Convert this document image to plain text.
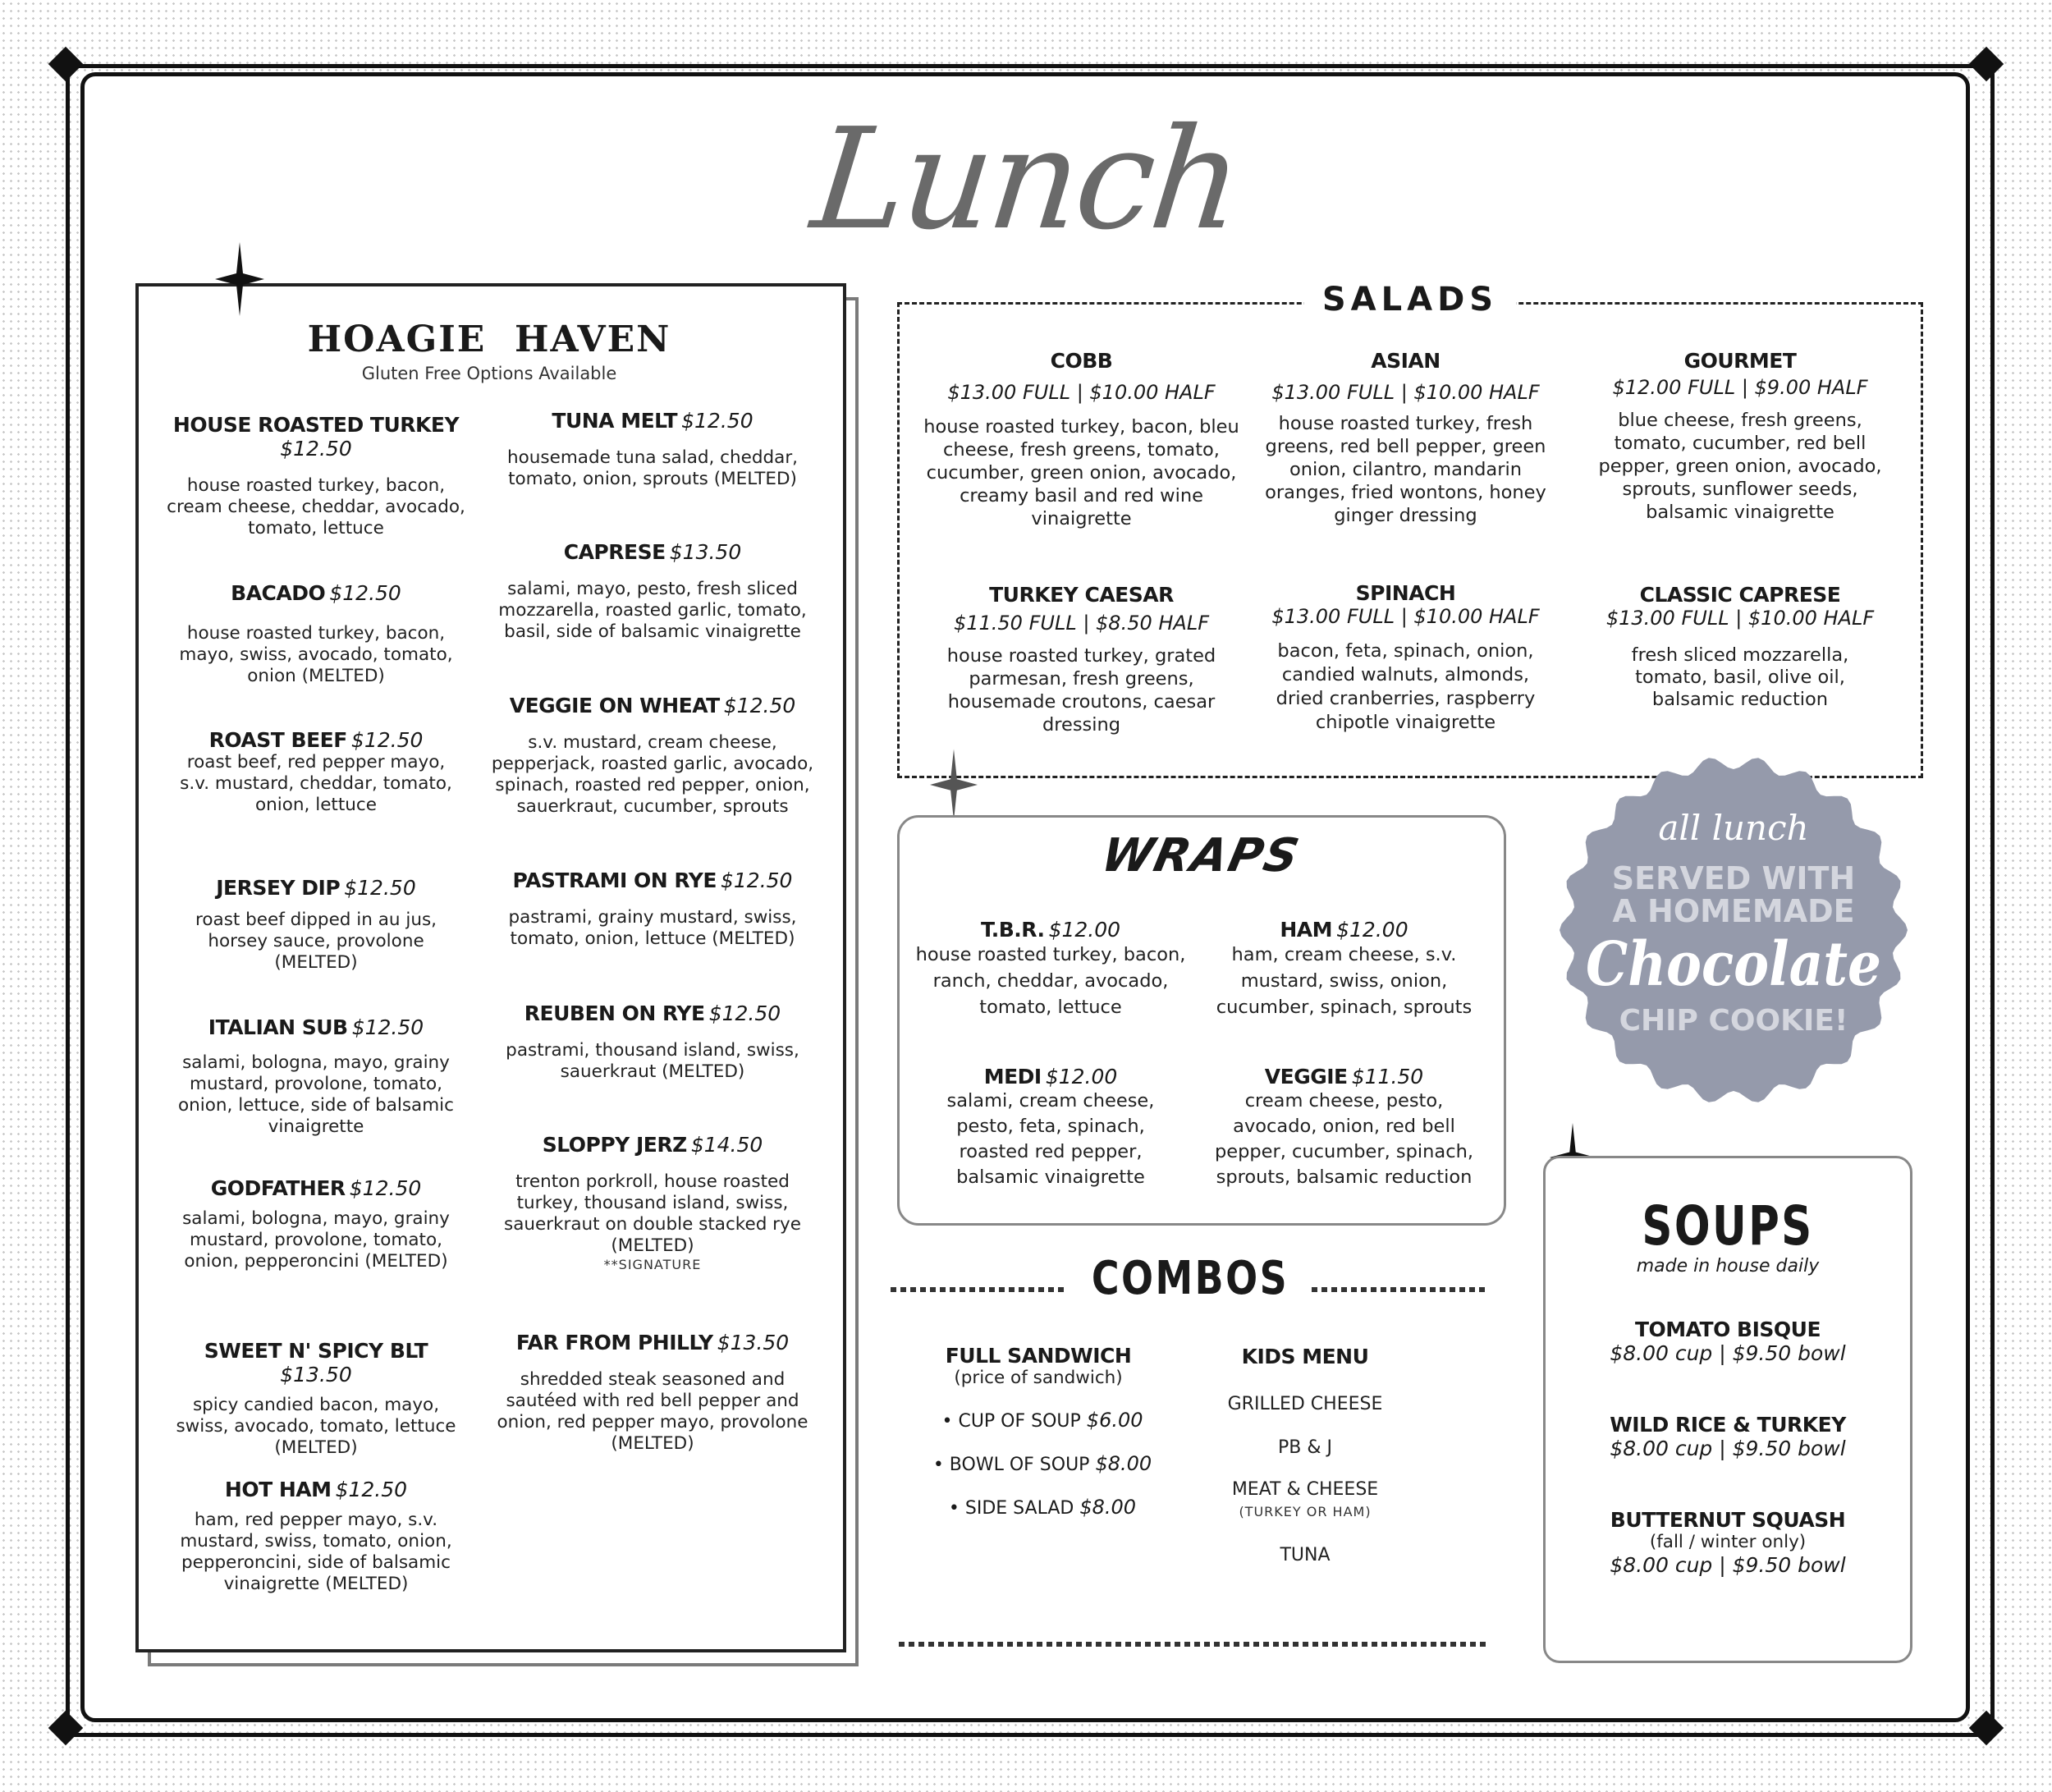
Lunch
HOAGIE  HAVEN
Gluten Free Options Available
HOUSE ROASTED TURKEY
$12.50
house roasted turkey, bacon, cream cheese, cheddar, avocado, tomato, lettuce
BACADO $12.50
house roasted turkey, bacon, mayo, swiss, avocado, tomato, onion (MELTED)
ROAST BEEF $12.50
roast beef, red pepper mayo, s.v. mustard, cheddar, tomato, onion, lettuce
JERSEY DIP $12.50
roast beef dipped in au jus, horsey sauce, provolone (MELTED)
ITALIAN SUB $12.50
salami, bologna, mayo, grainy mustard, provolone, tomato, onion, lettuce, side of balsamic vinaigrette
GODFATHER $12.50
salami, bologna, mayo, grainy mustard, provolone, tomato, onion, pepperoncini (MELTED)
SWEET N' SPICY BLT
$13.50
spicy candied bacon, mayo, swiss, avocado, tomato, lettuce (MELTED)
HOT HAM $12.50
ham, red pepper mayo, s.v. mustard, swiss, tomato, onion, pepperoncini, side of balsamic vinaigrette (MELTED)
TUNA MELT $12.50
housemade tuna salad, cheddar, tomato, onion, sprouts (MELTED)
CAPRESE $13.50
salami, mayo, pesto, fresh sliced mozzarella, roasted garlic, tomato, basil, side of balsamic vinaigrette
VEGGIE ON WHEAT $12.50
s.v. mustard, cream cheese, pepperjack, roasted garlic, avocado, spinach, roasted red pepper, onion, sauerkraut, cucumber, sprouts
PASTRAMI ON RYE $12.50
pastrami, grainy mustard, swiss, tomato, onion, lettuce (MELTED)
REUBEN ON RYE $12.50
pastrami, thousand island, swiss, sauerkraut (MELTED)
SLOPPY JERZ $14.50
trenton porkroll, house roasted turkey, thousand island, swiss, sauerkraut on double stacked rye (MELTED)
**SIGNATURE
FAR FROM PHILLY $13.50
shredded steak seasoned and sautéed with red bell pepper and onion, red pepper mayo, provolone (MELTED)
SALADS
COBB
$13.00 FULL | $10.00 HALF
house roasted turkey, bacon, bleu cheese, fresh greens, tomato, cucumber, green onion, avocado, creamy basil and red wine vinaigrette
ASIAN
$13.00 FULL | $10.00 HALF
house roasted turkey, fresh greens, red bell pepper, green onion, cilantro, mandarin oranges, fried wontons, honey ginger dressing
GOURMET
$12.00 FULL | $9.00 HALF
blue cheese, fresh greens, tomato, cucumber, red bell pepper, green onion, avocado, sprouts, sunflower seeds, balsamic vinaigrette
TURKEY CAESAR
$11.50 FULL | $8.50 HALF
house roasted turkey, grated parmesan, fresh greens, housemade croutons, caesar dressing
SPINACH
$13.00 FULL | $10.00 HALF
bacon, feta, spinach, onion, candied walnuts, almonds, dried cranberries, raspberry chipotle vinaigrette
CLASSIC CAPRESE
$13.00 FULL | $10.00 HALF
fresh sliced mozzarella, tomato, basil, olive oil, balsamic reduction
WRAPS
T.B.R. $12.00
house roasted turkey, bacon, ranch, cheddar, avocado, tomato, lettuce
HAM $12.00
ham, cream cheese, s.v. mustard, swiss, onion, cucumber, spinach, sprouts
MEDI $12.00
salami, cream cheese, pesto, feta, spinach, roasted red pepper, balsamic vinaigrette
VEGGIE $11.50
cream cheese, pesto, avocado, onion, red bell pepper, cucumber, spinach, sprouts, balsamic reduction
all lunch
SERVED WITH
A HOMEMADE
Chocolate
CHIP COOKIE!
COMBOS
FULL SANDWICH
(price of sandwich)
• CUP OF SOUP $6.00
• BOWL OF SOUP $8.00
• SIDE SALAD $8.00
KIDS MENU
GRILLED CHEESE
PB & J
MEAT & CHEESE
(TURKEY OR HAM)
TUNA
SOUPS
made in house daily
TOMATO BISQUE
$8.00 cup | $9.50 bowl
WILD RICE & TURKEY
$8.00 cup | $9.50 bowl
BUTTERNUT SQUASH
(fall / winter only)
$8.00 cup | $9.50 bowl
